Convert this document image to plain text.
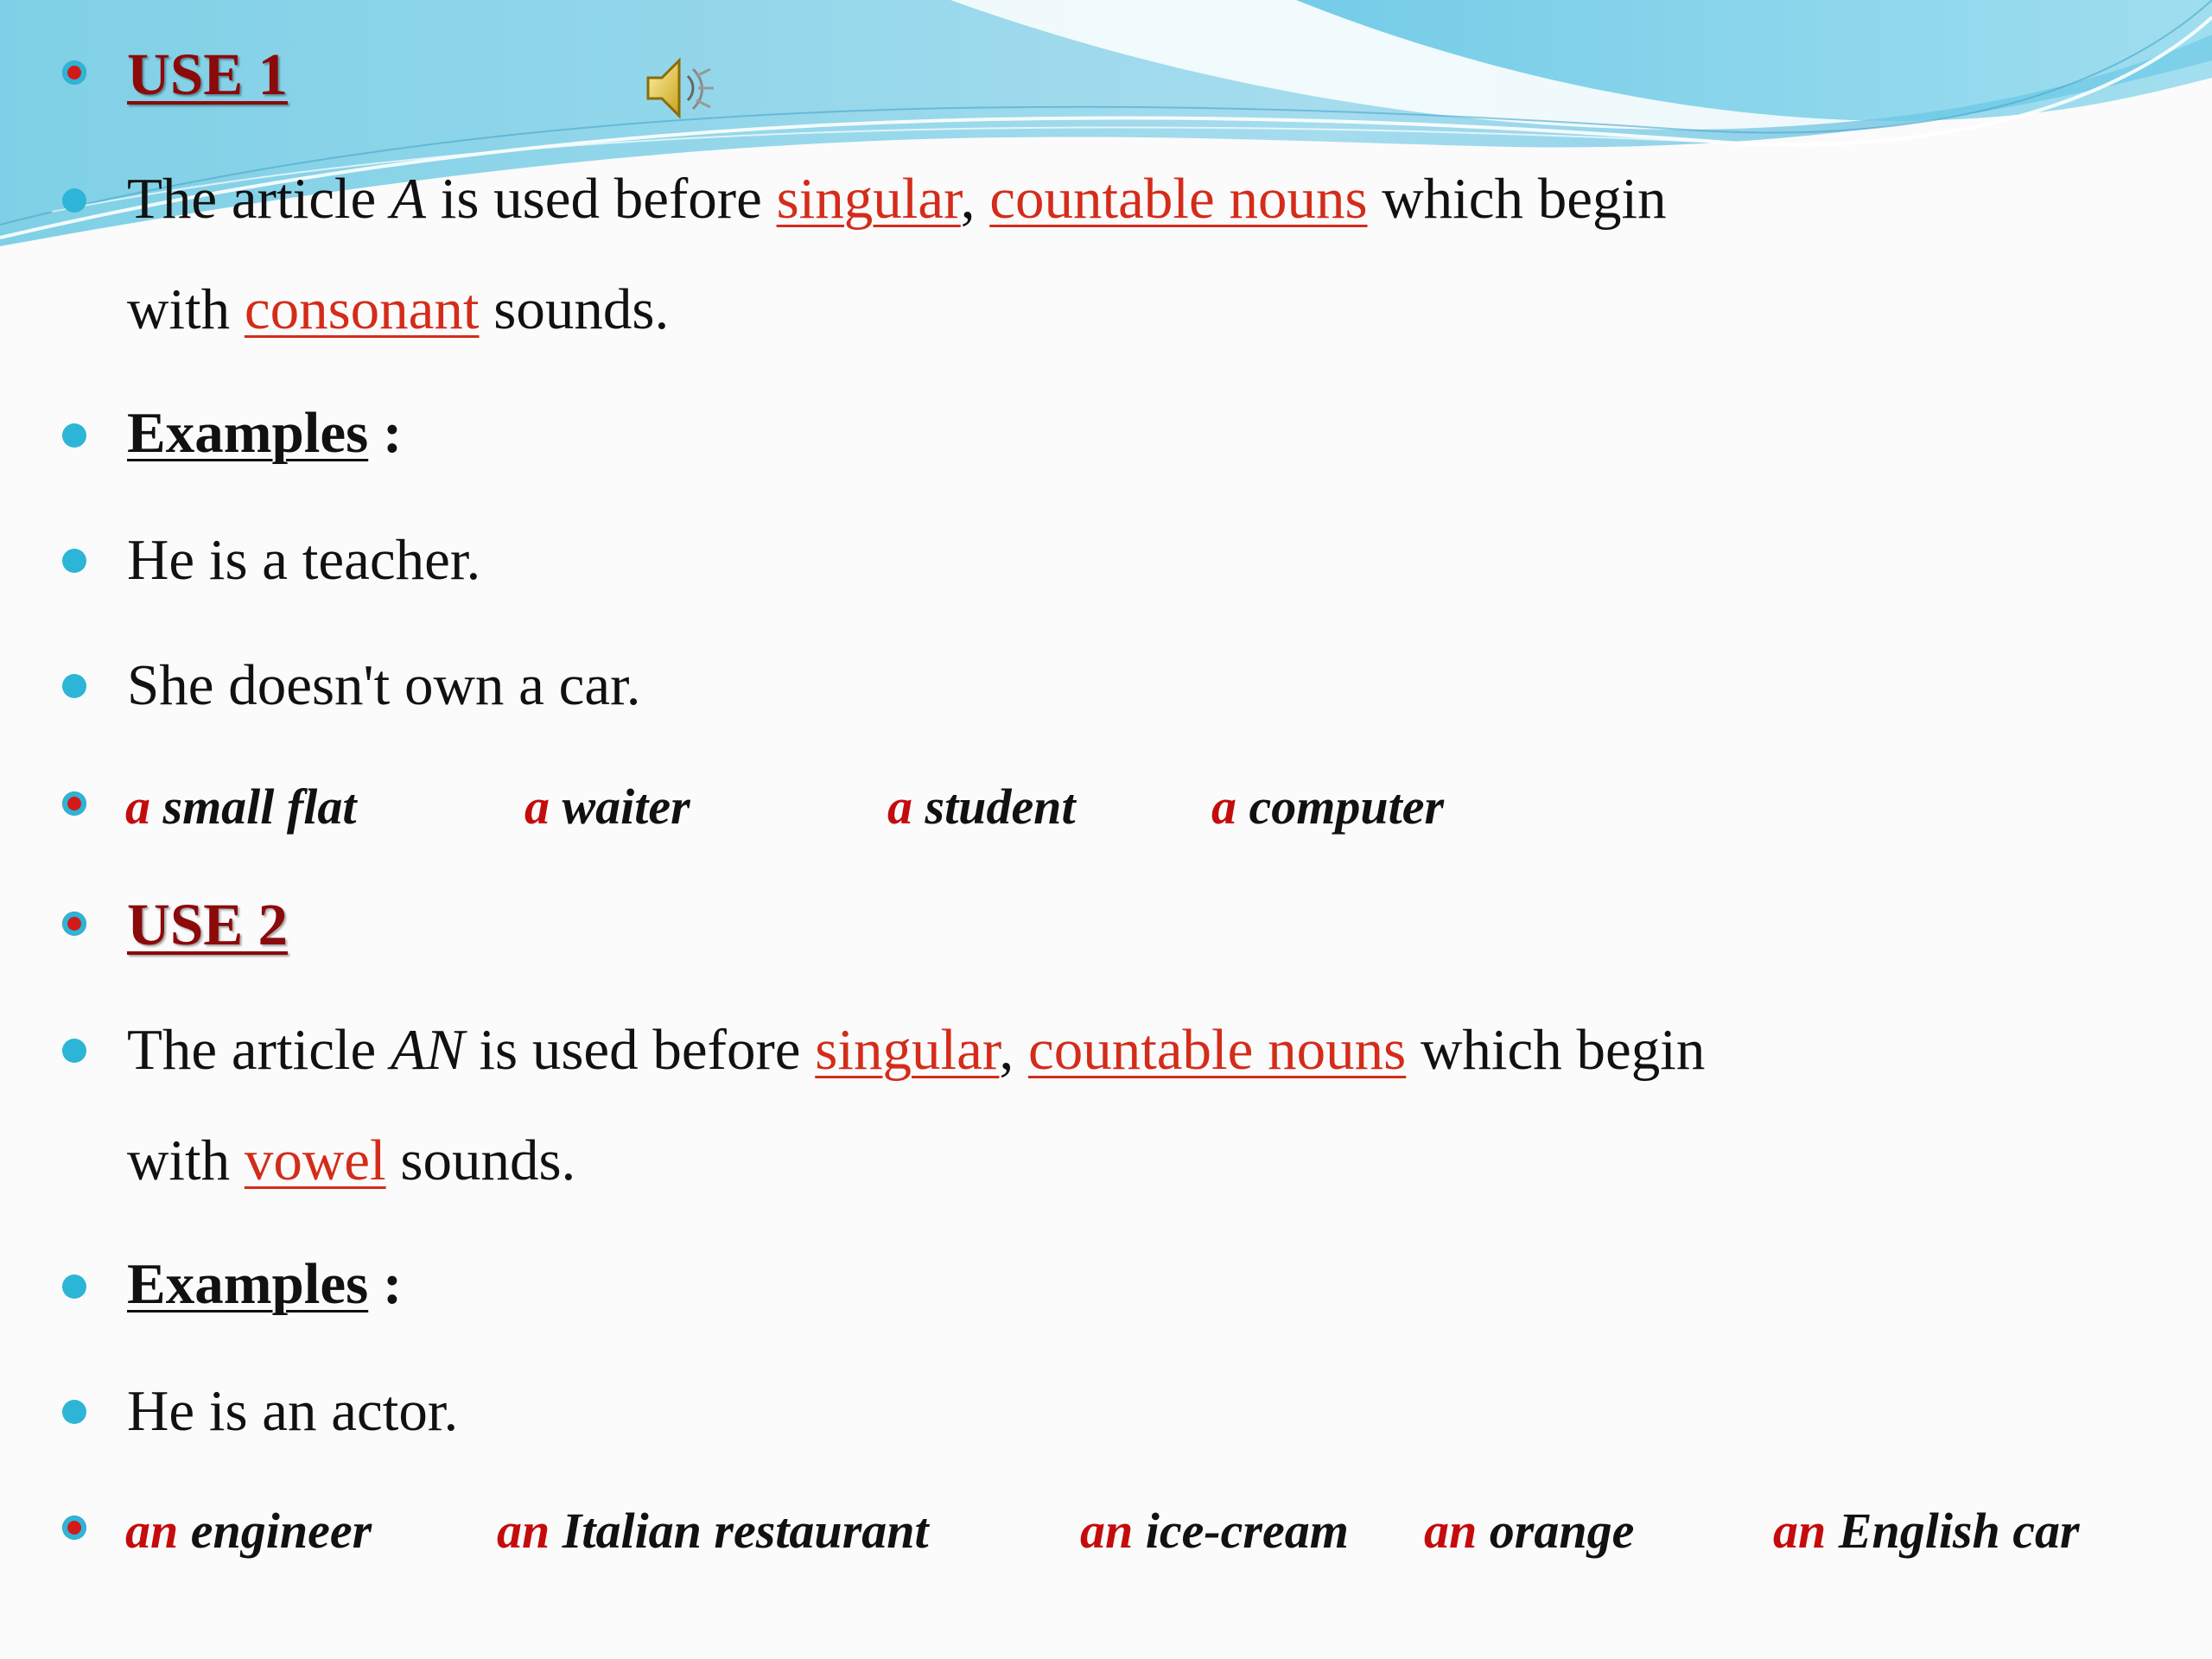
USE 1
The article A is used before singular, countable nouns which begin
with consonant sounds.
Examples :
He is a teacher.
She doesn't own a car.
a small flat	a waiter	a student	a computer
USE 2
The article AN is used before singular, countable nouns which begin
with vowel sounds.
Examples :
He is an actor.
an engineer an Italian restaurant	an ice-cream an orange	an English car
